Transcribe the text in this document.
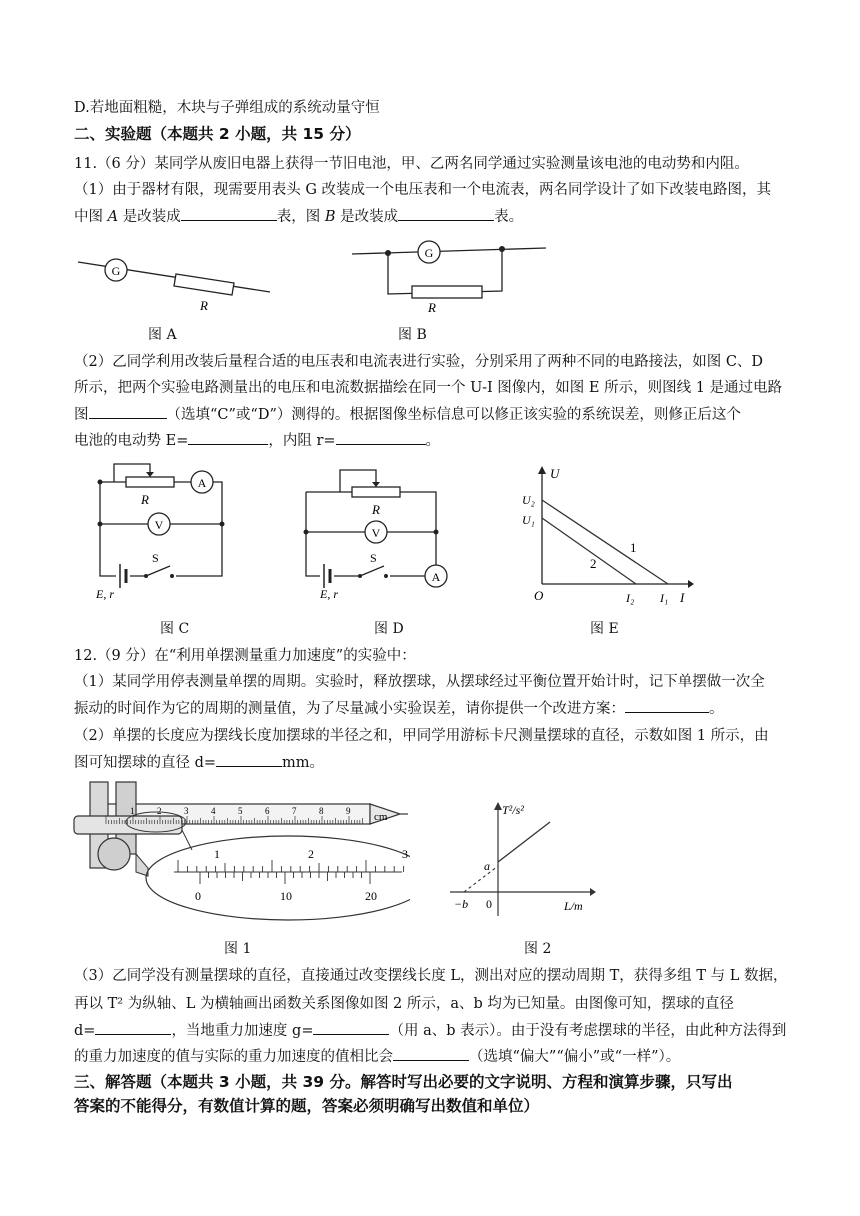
D.若地面粗糙，木块与子弹组成的系统动量守恒
二、实验题（本题共 2 小题，共 15 分）
11.（6 分）某同学从废旧电器上获得一节旧电池，甲、乙两名同学通过实验测量该电池的电动势和内阻。
（1）由于器材有限，现需要用表头 G 改装成一个电压表和一个电流表，两名同学设计了如下改装电路图，其
中图 A 是改装成	表，图 B 是改装成	表。
G
R
图 A
G
R
图 B
（2）乙同学利用改装后量程合适的电压表和电流表进行实验，分别采用了两种不同的电路接法，如图 C、D
所示，把两个实验电路测量出的电压和电流数据描绘在同一个 U-I 图像内，如图 E 所示，则图线 1 是通过电路
图	（选填“C”或“D”）测得的。根据图像坐标信息可以修正该实验的系统误差，则修正后这个
电池的电动势 E=	，内阻 r=	。
R
A
V
S
E, r
图 C
R
V
S
A
E, r
图 D
U
U₂
U₁
1
2
O	I₂ I₁ I
图 E
12.（9 分）在“利用单摆测量重力加速度”的实验中：
（1）某同学用停表测量单摆的周期。实验时，释放摆球，从摆球经过平衡位置开始计时，记下单摆做一次全
振动的时间作为它的周期的测量值，为了尽量减小实验误差，请你提供一个改进方案：	。
（2）单摆的长度应为摆线长度加摆球的半径之和，甲同学用游标卡尺测量摆球的直径，示数如图 1 所示，由
图可知摆球的直径 d=	mm。
1	2	3	4	5	6	7	8	9 cm
1	2	3
0	10	20
图 1
T²/s²
a
−b 0	L/m
图 2
（3）乙同学没有测量摆球的直径，直接通过改变摆线长度 L，测出对应的摆动周期 T，获得多组 T 与 L 数据，
再以 T² 为纵轴、L 为横轴画出函数关系图像如图 2 所示，a、b 均为已知量。由图像可知，摆球的直径
d=	，当地重力加速度 g=	（用 a、b 表示）。由于没有考虑摆球的半径，由此种方法得到
的重力加速度的值与实际的重力加速度的值相比会	（选填“偏大”“偏小”或“一样”）。
三、解答题（本题共 3 小题，共 39 分。解答时写出必要的文字说明、方程和演算步骤，只写出
答案的不能得分，有数值计算的题，答案必须明确写出数值和单位）
